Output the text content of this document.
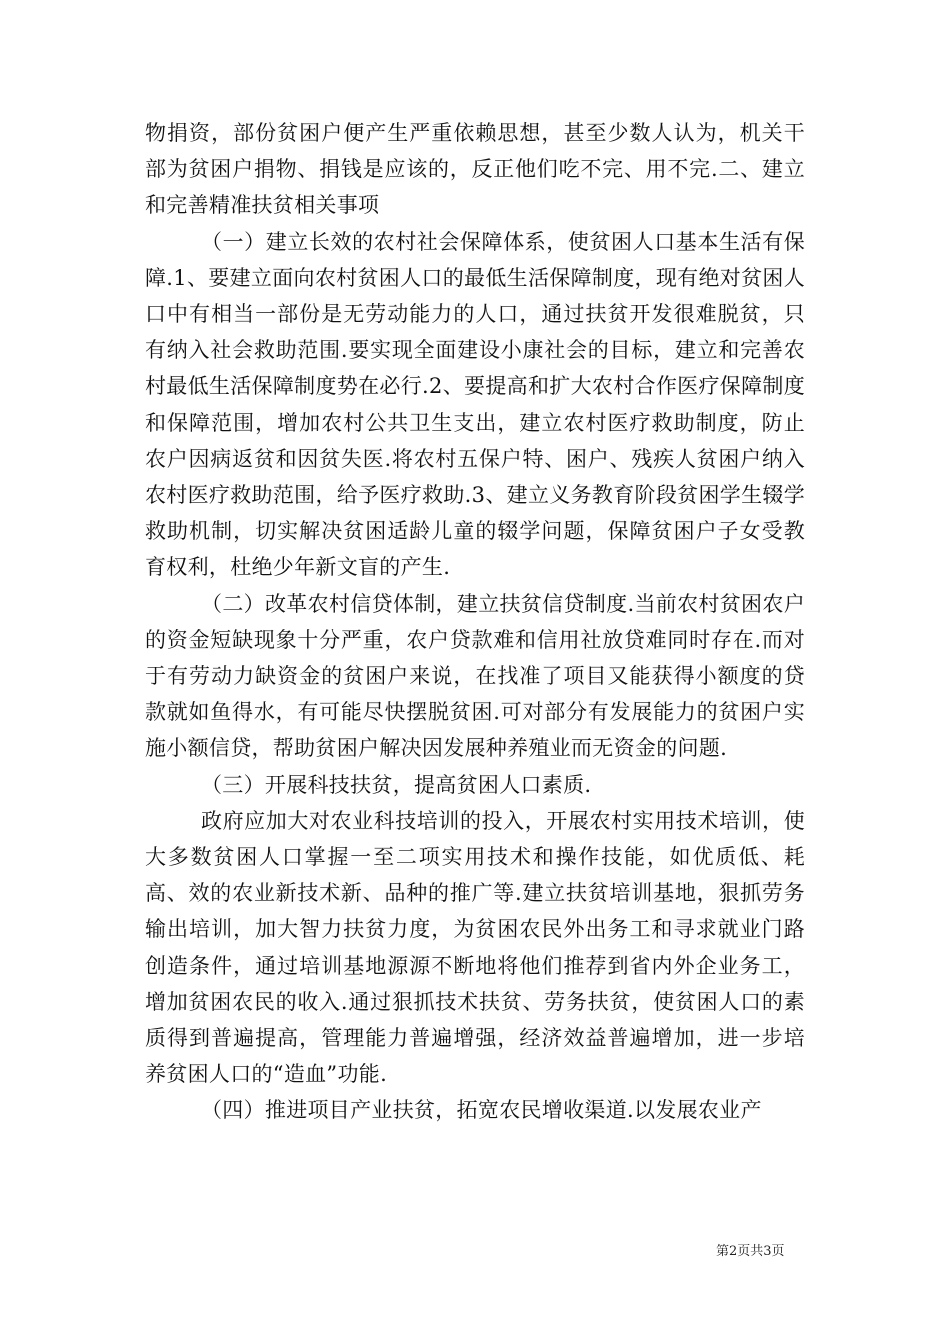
物捐资，部份贫困户便产生严重依赖思想，甚至少数人认为，机关干部为贫困户捐物、捐钱是应该的，反正他们吃不完、用不完.二、建立和完善精准扶贫相关事项

（一）建立长效的农村社会保障体系，使贫困人口基本生活有保障.1、要建立面向农村贫困人口的最低生活保障制度，现有绝对贫困人口中有相当一部份是无劳动能力的人口，通过扶贫开发很难脱贫，只有纳入社会救助范围.要实现全面建设小康社会的目标，建立和完善农村最低生活保障制度势在必行.2、要提高和扩大农村合作医疗保障制度和保障范围，增加农村公共卫生支出，建立农村医疗救助制度，防止农户因病返贫和因贫失医.将农村五保户特、困户、残疾人贫困户纳入农村医疗救助范围，给予医疗救助.3、建立义务教育阶段贫困学生辍学救助机制，切实解决贫困适龄儿童的辍学问题，保障贫困户子女受教育权利，杜绝少年新文盲的产生.

（二）改革农村信贷体制，建立扶贫信贷制度.当前农村贫困农户的资金短缺现象十分严重，农户贷款难和信用社放贷难同时存在.而对于有劳动力缺资金的贫困户来说，在找准了项目又能获得小额度的贷款就如鱼得水，有可能尽快摆脱贫困.可对部分有发展能力的贫困户实施小额信贷，帮助贫困户解决因发展种养殖业而无资金的问题.

（三）开展科技扶贫，提高贫困人口素质.

政府应加大对农业科技培训的投入，开展农村实用技术培训，使大多数贫困人口掌握一至二项实用技术和操作技能，如优质低、耗高、效的农业新技术新、品种的推广等.建立扶贫培训基地，狠抓劳务输出培训，加大智力扶贫力度，为贫困农民外出务工和寻求就业门路创造条件，通过培训基地源源不断地将他们推荐到省内外企业务工，增加贫困农民的收入.通过狠抓技术扶贫、劳务扶贫，使贫困人口的素质得到普遍提高，管理能力普遍增强，经济效益普遍增加，进一步培养贫困人口的“造血”功能.

（四）推进项目产业扶贫，拓宽农民增收渠道.以发展农业产

第2页共3页
